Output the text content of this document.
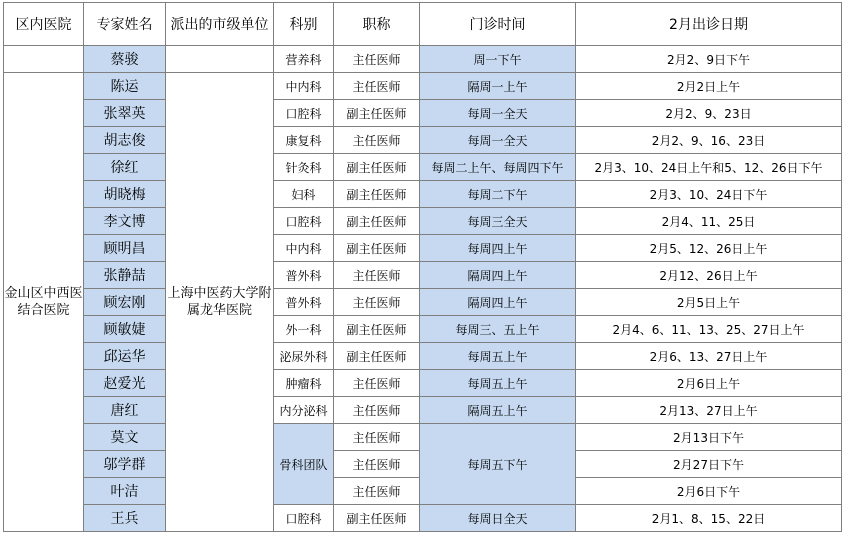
区内医院	专家姓名	派出的市级单位	科别	职称	门诊时间	2月出诊日期
	蔡骏		营养科	主任医师	周一下午	2月2、9日下午
金山区中西医结合医院	陈运	上海中医药大学附属龙华医院	中内科	主任医师	隔周一上午	2月2日上午
	张翠英		口腔科	副主任医师	每周一全天	2月2、9、23日
	胡志俊		康复科	主任医师	每周一全天	2月2、9、16、23日
	徐红		针灸科	副主任医师	每周二上午、每周四下午	2月3、10、24日上午和5、12、26日下午
	胡晓梅		妇科	副主任医师	每周二下午	2月3、10、24日下午
	李文博		口腔科	副主任医师	每周三全天	2月4、11、25日
	顾明昌		中内科	副主任医师	每周四上午	2月5、12、26日上午
	张静喆		普外科	主任医师	隔周四上午	2月12、26日上午
	顾宏刚		普外科	主任医师	隔周四上午	2月5日上午
	顾敏婕		外一科	副主任医师	每周三、五上午	2月4、6、11、13、25、27日上午
	邱运华		泌尿外科	副主任医师	每周五上午	2月6、13、27日上午
	赵爱光		肿瘤科	主任医师	每周五上午	2月6日上午
	唐红		内分泌科	主任医师	隔周五上午	2月13、27日上午
	莫文		骨科团队	主任医师	每周五下午	2月13日下午
	邬学群			主任医师		2月27日下午
	叶洁			主任医师		2月6日下午
	王兵		口腔科	副主任医师	每周日全天	2月1、8、15、22日
